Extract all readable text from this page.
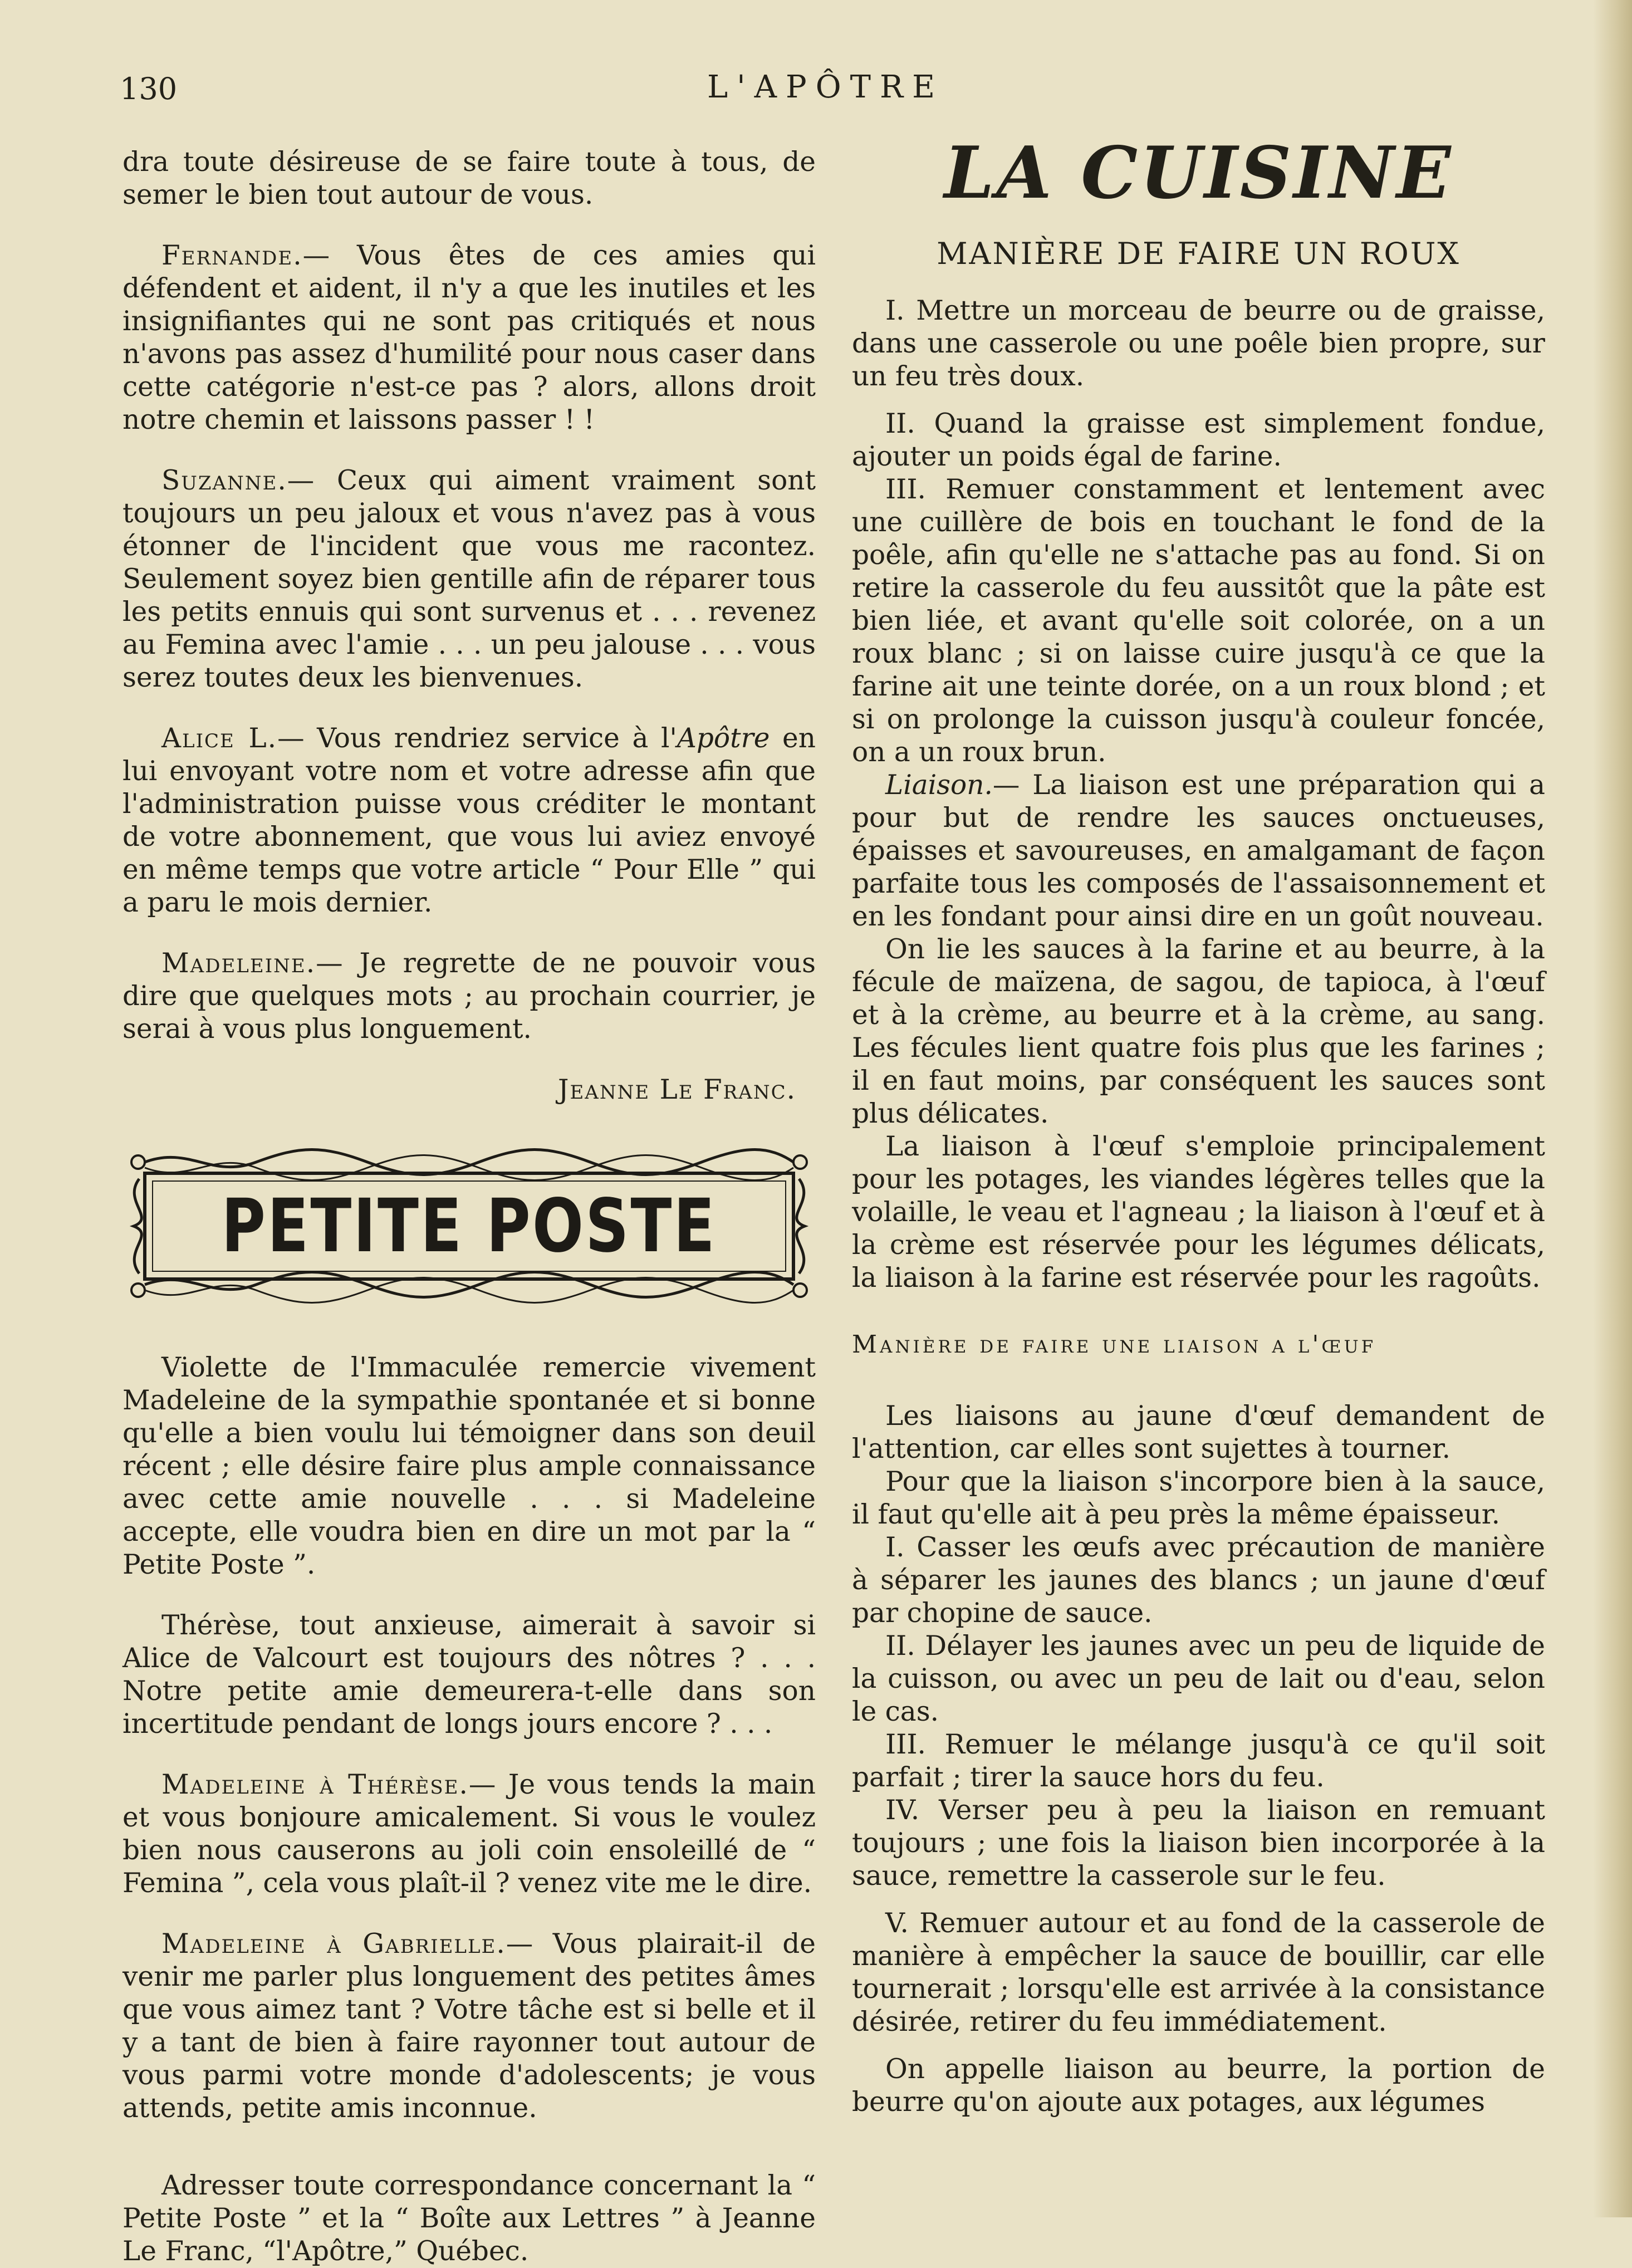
130	L'APÔTRE

dra toute désireuse de se faire toute à tous, de semer le bien tout autour de vous.

Fernande.— Vous êtes de ces amies qui défendent et aident, il n'y a que les inutiles et les insignifiantes qui ne sont pas critiqués et nous n'avons pas assez d'humilité pour nous caser dans cette catégorie n'est-ce pas ? alors, allons droit notre chemin et laissons passer ! !

Suzanne.— Ceux qui aiment vraiment sont toujours un peu jaloux et vous n'avez pas à vous étonner de l'incident que vous me racontez. Seulement soyez bien gentille afin de réparer tous les petits ennuis qui sont survenus et . . . revenez au Femina avec l'amie . . . un peu jalouse . . . vous serez toutes deux les bienvenues.

Alice L.— Vous rendriez service à l'Apôtre en lui envoyant votre nom et votre adresse afin que l'administration puisse vous créditer le montant de votre abonnement, que vous lui aviez envoyé en même temps que votre article “ Pour Elle ” qui a paru le mois dernier.

Madeleine.— Je regrette de ne pouvoir vous dire que quelques mots ; au prochain courrier, je serai à vous plus longuement.

Jeanne Le Franc.

PETITE POSTE

Violette de l'Immaculée remercie vivement Madeleine de la sympathie spontanée et si bonne qu'elle a bien voulu lui témoigner dans son deuil récent ; elle désire faire plus ample connaissance avec cette amie nouvelle . . . si Madeleine accepte, elle voudra bien en dire un mot par la “ Petite Poste ”.

Thérèse, tout anxieuse, aimerait à savoir si Alice de Valcourt est toujours des nôtres ? . . . Notre petite amie demeurera-t-elle dans son incertitude pendant de longs jours encore ? . . .

Madeleine à Thérèse.— Je vous tends la main et vous bonjoure amicalement. Si vous le voulez bien nous causerons au joli coin ensoleillé de “ Femina ”, cela vous plaît-il ? venez vite me le dire.

Madeleine à Gabrielle.— Vous plairait-il de venir me parler plus longuement des petites âmes que vous aimez tant ? Votre tâche est si belle et il y a tant de bien à faire rayonner tout autour de vous parmi votre monde d'adolescents; je vous attends, petite amis inconnue.

Adresser toute correspondance concernant la “ Petite Poste ” et la “ Boîte aux Lettres ” à Jeanne Le Franc, “l'Apôtre,” Québec.

LA CUISINE

MANIÈRE DE FAIRE UN ROUX

I. Mettre un morceau de beurre ou de graisse, dans une casserole ou une poêle bien propre, sur un feu très doux.

II. Quand la graisse est simplement fondue, ajouter un poids égal de farine.

III. Remuer constamment et lentement avec une cuillère de bois en touchant le fond de la poêle, afin qu'elle ne s'attache pas au fond. Si on retire la casserole du feu aussitôt que la pâte est bien liée, et avant qu'elle soit colorée, on a un roux blanc ; si on laisse cuire jusqu'à ce que la farine ait une teinte dorée, on a un roux blond ; et si on prolonge la cuisson jusqu'à couleur foncée, on a un roux brun.

Liaison.— La liaison est une préparation qui a pour but de rendre les sauces onctueuses, épaisses et savoureuses, en amalgamant de façon parfaite tous les composés de l'assaisonnement et en les fondant pour ainsi dire en un goût nouveau.

On lie les sauces à la farine et au beurre, à la fécule de maïzena, de sagou, de tapioca, à l'œuf et à la crème, au beurre et à la crème, au sang. Les fécules lient quatre fois plus que les farines ; il en faut moins, par conséquent les sauces sont plus délicates.

La liaison à l'œuf s'emploie principalement pour les potages, les viandes légères telles que la volaille, le veau et l'agneau ; la liaison à l'œuf et à la crème est réservée pour les légumes délicats, la liaison à la farine est réservée pour les ragoûts.

Manière de faire une liaison a l'œuf

Les liaisons au jaune d'œuf demandent de l'attention, car elles sont sujettes à tourner.

Pour que la liaison s'incorpore bien à la sauce, il faut qu'elle ait à peu près la même épaisseur.

I. Casser les œufs avec précaution de manière à séparer les jaunes des blancs ; un jaune d'œuf par chopine de sauce.

II. Délayer les jaunes avec un peu de liquide de la cuisson, ou avec un peu de lait ou d'eau, selon le cas.

III. Remuer le mélange jusqu'à ce qu'il soit parfait ; tirer la sauce hors du feu.

IV. Verser peu à peu la liaison en remuant toujours ; une fois la liaison bien incorporée à la sauce, remettre la casserole sur le feu.

V. Remuer autour et au fond de la casserole de manière à empêcher la sauce de bouillir, car elle tournerait ; lorsqu'elle est arrivée à la consistance désirée, retirer du feu immédiatement.

On appelle liaison au beurre, la portion de beurre qu'on ajoute aux potages, aux légumes
